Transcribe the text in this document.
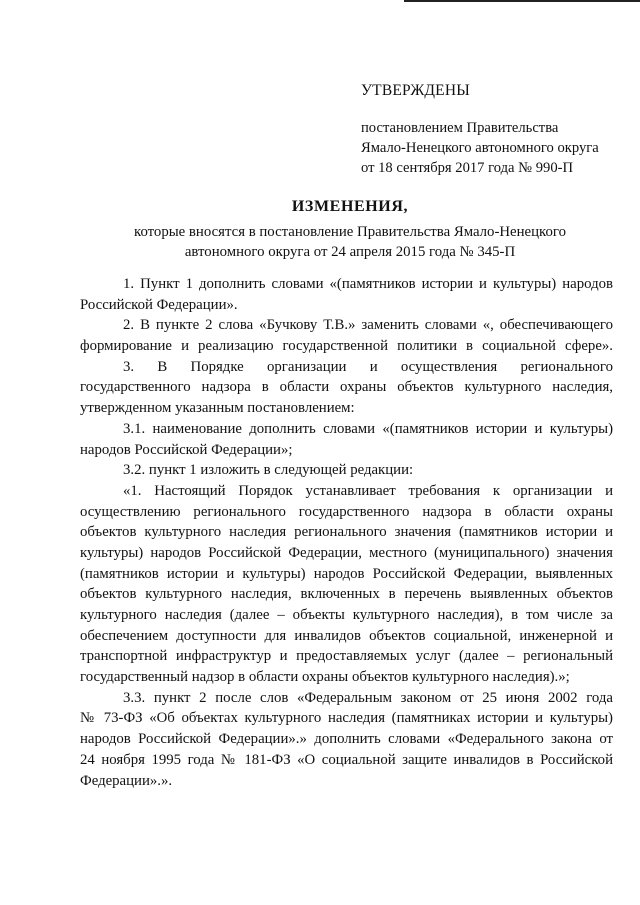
УТВЕРЖДЕНЫ
постановлением Правительства
Ямало-Ненецкого автономного округа
от 18 сентября 2017 года № 990-П
ИЗМЕНЕНИЯ,
которые вносятся в постановление Правительства Ямало-Ненецкого
автономного округа от 24 апреля 2015 года № 345-П
1. Пункт 1 дополнить словами «(памятников истории и культуры) народов
Российской Федерации».
2. В пункте 2 слова «Бучкову Т.В.» заменить словами «, обеспечивающего
формирование и реализацию государственной политики в социальной сфере».
3. В Порядке организации и осуществления регионального
государственного надзора в области охраны объектов культурного наследия,
утвержденном указанным постановлением:
3.1. наименование дополнить словами «(памятников истории и культуры)
народов Российской Федерации»;
3.2. пункт 1 изложить в следующей редакции:
«1. Настоящий Порядок устанавливает требования к организации и
осуществлению регионального государственного надзора в области охраны
объектов культурного наследия регионального значения (памятников истории и
культуры) народов Российской Федерации, местного (муниципального) значения
(памятников истории и культуры) народов Российской Федерации, выявленных
объектов культурного наследия, включенных в перечень выявленных объектов
культурного наследия (далее – объекты культурного наследия), в том числе за
обеспечением доступности для инвалидов объектов социальной, инженерной и
транспортной инфраструктур и предоставляемых услуг (далее – региональный
государственный надзор в области охраны объектов культурного наследия).»;
3.3. пункт 2 после слов «Федеральным законом от 25 июня 2002 года
№ 73-ФЗ «Об объектах культурного наследия (памятниках истории и культуры)
народов Российской Федерации».» дополнить словами «Федерального закона от
24 ноября 1995 года № 181-ФЗ «О социальной защите инвалидов в Российской
Федерации».».
